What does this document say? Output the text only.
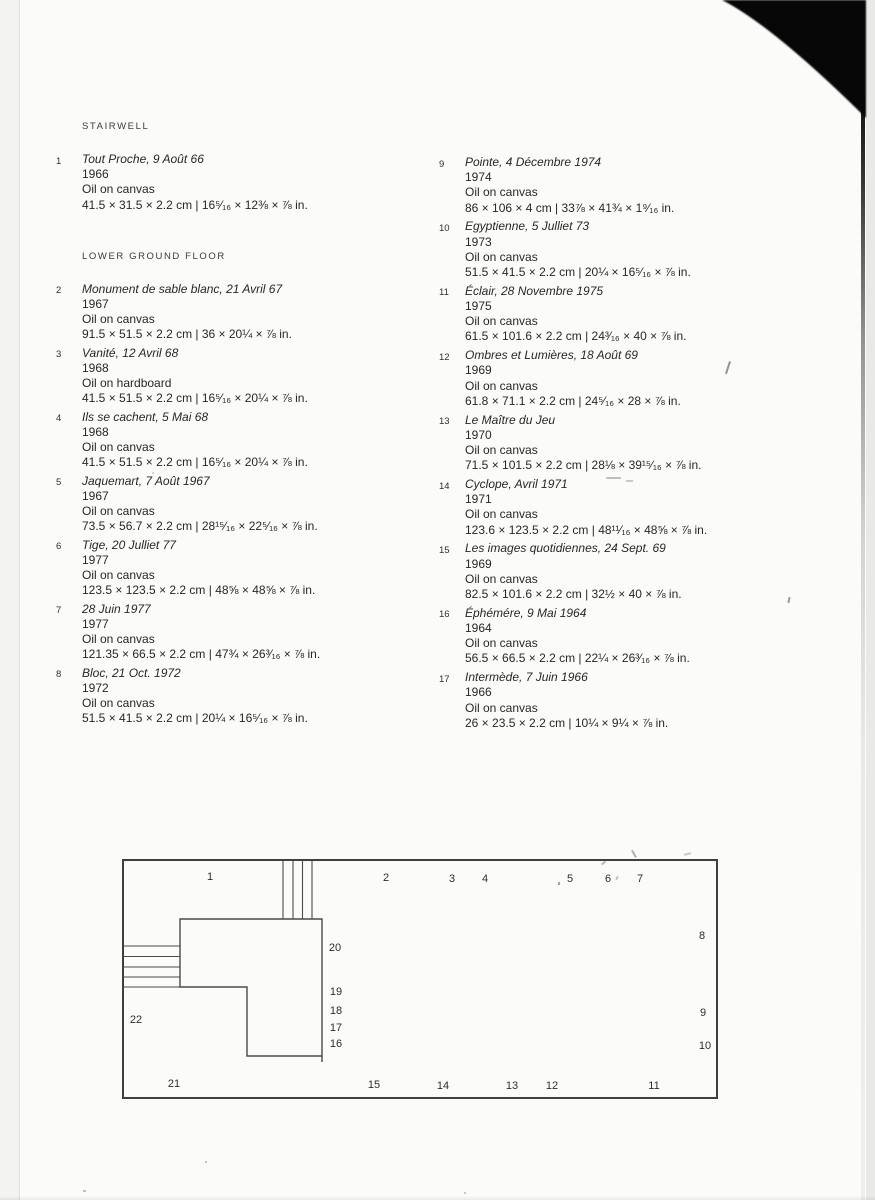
STAIRWELL
1	Tout Proche, 9 Août 66
1966
Oil on canvas
41.5 × 31.5 × 2.2 cm | 16⁵⁄₁₆ × 12⅜ × ⅞ in.
LOWER GROUND FLOOR
2	Monument de sable blanc, 21 Avril 67
1967
Oil on canvas
91.5 × 51.5 × 2.2 cm | 36 × 20¼ × ⅞ in.
3	Vanité, 12 Avril 68
1968
Oil on hardboard
41.5 × 51.5 × 2.2 cm | 16⁵⁄₁₆ × 20¼ × ⅞ in.
4	Ils se cachent, 5 Mai 68
1968
Oil on canvas
41.5 × 51.5 × 2.2 cm | 16⁵⁄₁₆ × 20¼ × ⅞ in.
5	Jaquemart, 7 Août 1967
1967
Oil on canvas
73.5 × 56.7 × 2.2 cm | 28¹⁵⁄₁₆ × 22⁵⁄₁₆ × ⅞ in.
6	Tige, 20 Julliet 77
1977
Oil on canvas
123.5 × 123.5 × 2.2 cm | 48⅝ × 48⅝ × ⅞ in.
7	28 Juin 1977
1977
Oil on canvas
121.35 × 66.5 × 2.2 cm | 47¾ × 26³⁄₁₆ × ⅞ in.
8	Bloc, 21 Oct. 1972
1972
Oil on canvas
51.5 × 41.5 × 2.2 cm | 20¼ × 16⁵⁄₁₆ × ⅞ in.
9	Pointe, 4 Décembre 1974
1974
Oil on canvas
86 × 106 × 4 cm | 33⅞ × 41¾ × 1⁹⁄₁₆ in.
10	Egyptienne, 5 Julliet 73
1973
Oil on canvas
51.5 × 41.5 × 2.2 cm | 20¼ × 16⁵⁄₁₆ × ⅞ in.
11	Éclair, 28 Novembre 1975
1975
Oil on canvas
61.5 × 101.6 × 2.2 cm | 24³⁄₁₆ × 40 × ⅞ in.
12	Ombres et Lumières, 18 Août 69
1969
Oil on canvas
61.8 × 71.1 × 2.2 cm | 24⁵⁄₁₆ × 28 × ⅞ in.
13	Le Maître du Jeu
1970
Oil on canvas
71.5 × 101.5 × 2.2 cm | 28⅛ × 39¹⁵⁄₁₆ × ⅞ in.
14	Cyclope, Avril 1971
1971
Oil on canvas
123.6 × 123.5 × 2.2 cm | 48¹¹⁄₁₆ × 48⅝ × ⅞ in.
15	Les images quotidiennes, 24 Sept. 69
1969
Oil on canvas
82.5 × 101.6 × 2.2 cm | 32½ × 40 × ⅞ in.
16	Éphémére, 9 Mai 1964
1964
Oil on canvas
56.5 × 66.5 × 2.2 cm | 22¼ × 26³⁄₁₆ × ⅞ in.
17	Intermède, 7 Juin 1966
1966
Oil on canvas
26 × 23.5 × 2.2 cm | 10¼ × 9¼ × ⅞ in.
1	2	3 4	5	6 7
8
9
10
11
12
13
14
15
16
17
18
19
20
21
22
